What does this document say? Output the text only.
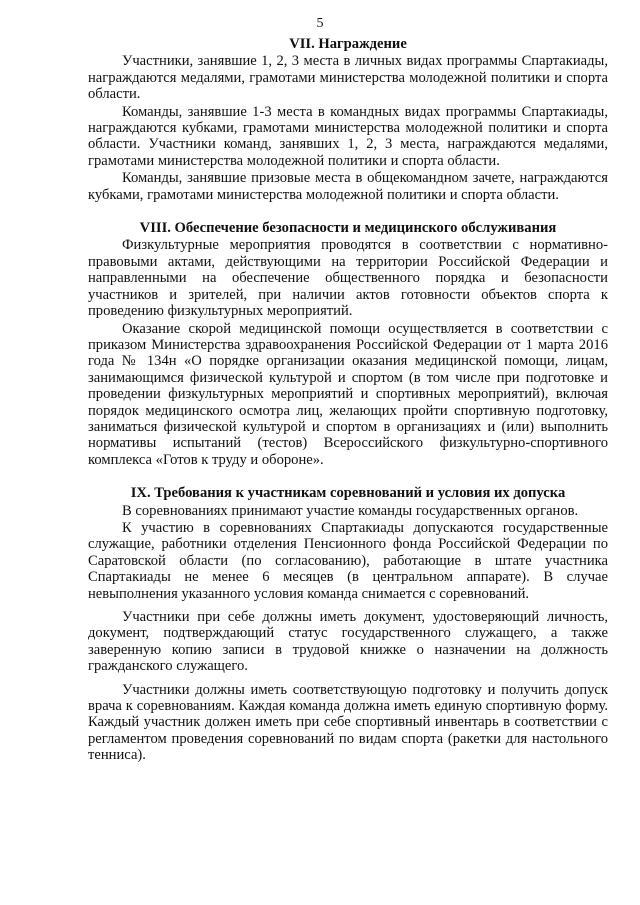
5
VII. Награждение

Участники, занявшие 1, 2, 3 места в личных видах программы Спартакиады, награждаются медалями, грамотами министерства молодежной политики и спорта области.

Команды, занявшие 1-3 места в командных видах программы Спартакиады, награждаются кубками, грамотами министерства молодежной политики и спорта области. Участники команд, занявших 1, 2, 3 места, награждаются медалями, грамотами министерства молодежной политики и спорта области.

Команды, занявшие призовые места в общекомандном зачете, награждаются кубками, грамотами министерства молодежной политики и спорта области.

VIII. Обеспечение безопасности и медицинского обслуживания

Физкультурные мероприятия проводятся в соответствии с нормативно-правовыми актами, действующими на территории Российской Федерации и направленными на обеспечение общественного порядка и безопасности участников и зрителей, при наличии актов готовности объектов спорта к проведению физкультурных мероприятий.

Оказание скорой медицинской помощи осуществляется в соответствии с приказом Министерства здравоохранения Российской Федерации от 1 марта 2016 года № 134н «О порядке организации оказания медицинской помощи, лицам, занимающимся физической культурой и спортом (в том числе при подготовке и проведении физкультурных мероприятий и спортивных мероприятий), включая порядок медицинского осмотра лиц, желающих пройти спортивную подготовку, заниматься физической культурой и спортом в организациях и (или) выполнить нормативы испытаний (тестов) Всероссийского физкультурно-спортивного комплекса «Готов к труду и обороне».

IX. Требования к участникам соревнований и условия их допуска

В соревнованиях принимают участие команды государственных органов.

К участию в соревнованиях Спартакиады допускаются государственные служащие, работники отделения Пенсионного фонда Российской Федерации по Саратовской области (по согласованию), работающие в штате участника Спартакиады не менее 6 месяцев (в центральном аппарате). В случае невыполнения указанного условия команда снимается с соревнований.

Участники при себе должны иметь документ, удостоверяющий личность, документ, подтверждающий статус государственного служащего, а также заверенную копию записи в трудовой книжке о назначении на должность гражданского служащего.

Участники должны иметь соответствующую подготовку и получить допуск врача к соревнованиям. Каждая команда должна иметь единую спортивную форму. Каждый участник должен иметь при себе спортивный инвентарь в соответствии с регламентом проведения соревнований по видам спорта (ракетки для настольного тенниса).
